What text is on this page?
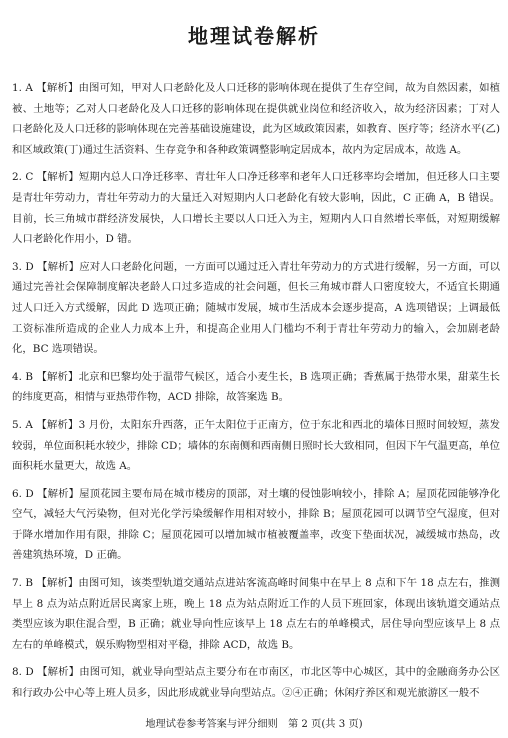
地理试卷解析

1. A 【解析】由图可知，甲对人口老龄化及人口迁移的影响体现在提供了生存空间，故为自然因素，如植被、土地等；乙对人口老龄化及人口迁移的影响体现在提供就业岗位和经济收入，故为经济因素；丁对人口老龄化及人口迁移的影响体现在完善基础设施建设，此为区域政策因素，如教育、医疗等；经济水平(乙)和区域政策(丁)通过生活资料、生存竞争和各种政策调整影响定居成本，故内为定居成本，故选 A。

2. C 【解析】短期内总人口净迁移率、青壮年人口净迁移率和老年人口迁移率均会增加，但迁移人口主要是青壮年劳动力，青壮年劳动力的大量迁入对短期内人口老龄化有较大影响，因此，C 正确 A，B 错误。目前，长三角城市群经济发展快，人口增长主要以人口迁入为主，短期内人口自然增长率低，对短期缓解人口老龄化作用小，D 错。

3. D 【解析】应对人口老龄化问题，一方面可以通过迁入青壮年劳动力的方式进行缓解，另一方面，可以通过完善社会保障制度解决老龄人口过多造成的社会问题，但长三角城市群人口密度较大，不适宜长期通过人口迁入方式缓解，因此 D 选项正确；随城市发展，城市生活成本会逐步提高，A 选项错误；上调最低工资标准所造成的企业人力成本上升，和提高企业用人门槛均不利于青壮年劳动力的输入，会加剧老龄化，BC 选项错误。

4. B 【解析】北京和巴黎均处于温带气候区，适合小麦生长，B 选项正确；香蕉属于热带水果，甜菜生长的纬度更高，相情与亚热带作物，ACD 排除，故答案选 B。

5. A 【解析】3 月份，太阳东升西落，正午太阳位于正南方，位于东北和西北的墙体日照时间较短，蒸发较弱，单位面积耗水较少，排除 CD；墙体的东南侧和西南侧日照时长大致相同，但因下午气温更高，单位面积耗水量更大，故选 A。

6. D 【解析】屋顶花园主要布局在城市楼房的顶部，对土壤的侵蚀影响较小，排除 A；屋顶花园能够净化空气，减轻大气污染物，但对光化学污染缓解作用相对较小，排除 B；屋顶花园可以调节空气湿度，但对于降水增加作用有限，排除 C；屋顶花园可以增加城市植被覆盖率，改变下垫面状况，减缓城市热岛，改善建筑热环境，D 正确。

7. B 【解析】由图可知，该类型轨道交通站点进站客流高峰时间集中在早上 8 点和下午 18 点左右，推测早上 8 点为站点附近居民离家上班，晚上 18 点为站点附近工作的人员下班回家，体现出该轨道交通站点类型应该为职住混合型，B 正确；就业导向性应该早上 18 点左右的单峰模式，居住导向型应该早上 8 点左右的单峰模式，娱乐购物型相对平稳，排除 ACD，故选 B。

8. D 【解析】由图可知，就业导向型站点主要分布在市南区，市北区等中心城区，其中的金融商务办公区和行政办公中心等上班人员多，因此形成就业导向型站点。②④正确；休闲疗养区和观光旅游区一般不

地理试卷参考答案与评分细则　第 2 页(共 3 页)
